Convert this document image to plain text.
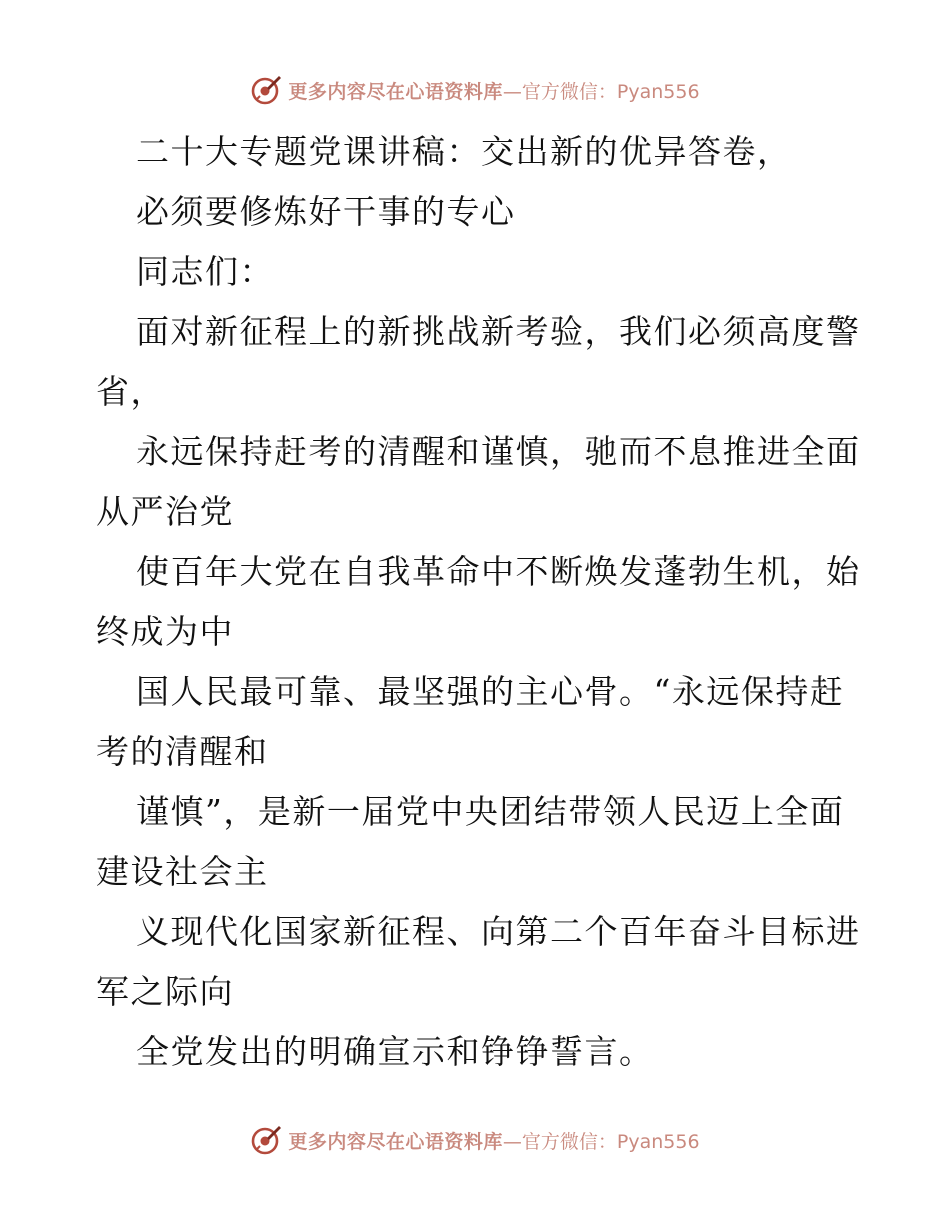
更多内容尽在心语资料库 —官方微信：Pyan556
二十大专题党课讲稿：交出新的优异答卷，
必须要修炼好干事的专心
同志们：
面对新征程上的新挑战新考验，我们必须高度警
省，
永远保持赶考的清醒和谨慎，驰而不息推进全面
从严治党
使百年大党在自我革命中不断焕发蓬勃生机，始
终成为中
国人民最可靠、最坚强的主心骨。“永远保持赶
考的清醒和
谨慎”，是新一届党中央团结带领人民迈上全面
建设社会主
义现代化国家新征程、向第二个百年奋斗目标进
军之际向
全党发出的明确宣示和铮铮誓言。
更多内容尽在心语资料库 —官方微信：Pyan556
